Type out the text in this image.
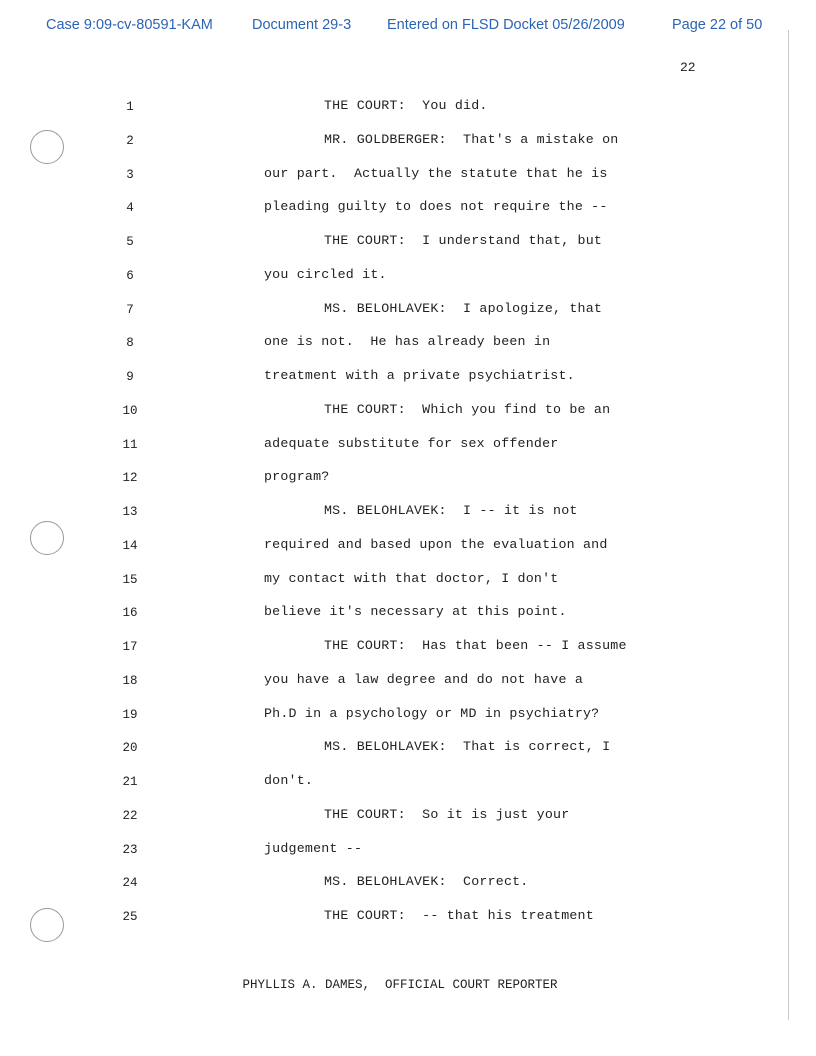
Case 9:09-cv-80591-KAM	Document 29-3 Entered on FLSD Docket 05/26/2009	Page 22 of 50
22
1	THE COURT:  You did.
2	MR. GOLDBERGER:  That's a mistake on
3	our part.  Actually the statute that he is
4	pleading guilty to does not require the --
5	THE COURT:  I understand that, but
6	you circled it.
7	MS. BELOHLAVEK:  I apologize, that
8	one is not.  He has already been in
9	treatment with a private psychiatrist.
10	THE COURT:  Which you find to be an
11	adequate substitute for sex offender
12	program?
13	MS. BELOHLAVEK:  I -- it is not
14	required and based upon the evaluation and
15	my contact with that doctor, I don't
16	believe it's necessary at this point.
17	THE COURT:  Has that been -- I assume
18	you have a law degree and do not have a
19	Ph.D in a psychology or MD in psychiatry?
20	MS. BELOHLAVEK:  That is correct, I
21	don't.
22	THE COURT:  So it is just your
23	judgement --
24	MS. BELOHLAVEK:  Correct.
25	THE COURT:  -- that his treatment
PHYLLIS A. DAMES,  OFFICIAL COURT REPORTER
